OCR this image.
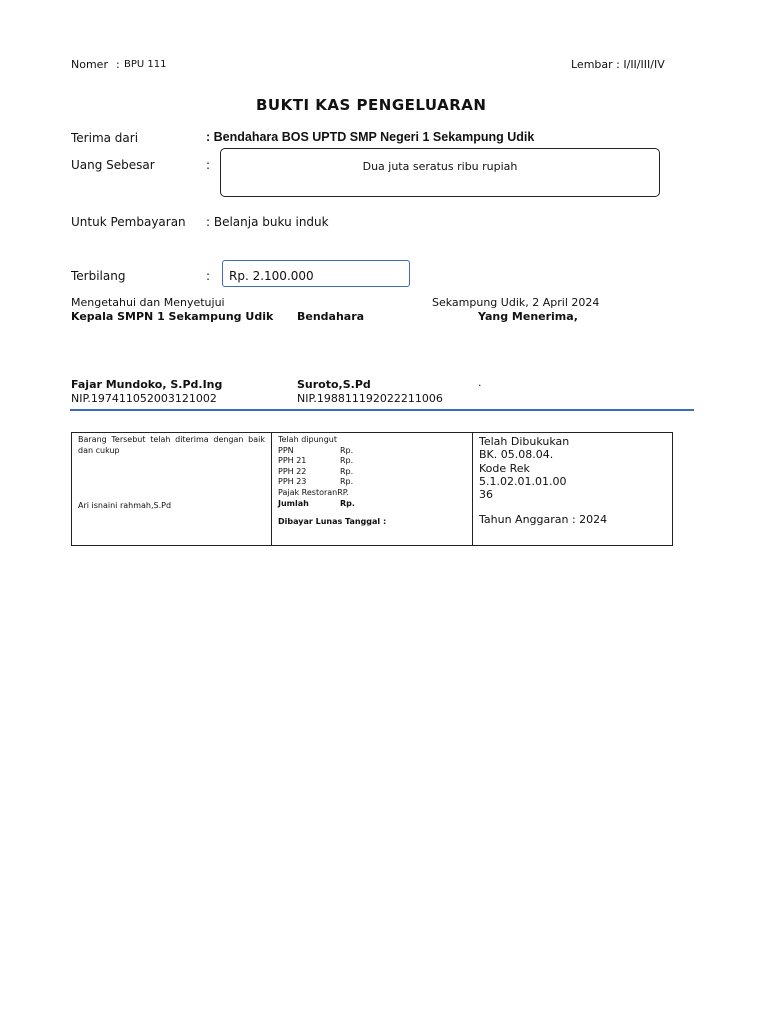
Nomer : BPU 111	Lembar : I/II/III/IV
BUKTI KAS PENGELUARAN
Terima dari	: Bendahara BOS UPTD SMP Negeri 1 Sekampung Udik
Uang Sebesar	:	Dua juta seratus ribu rupiah
Untuk Pembayaran : Belanja buku induk
Terbilang	: Rp. 2.100.000
Mengetahui dan Menyetujui	Sekampung Udik, 2 April 2024
Kepala SMPN 1 Sekampung Udik Bendahara	Yang Menerima,
Fajar Mundoko, S.Pd.Ing	Suroto,S.Pd	.
NIP.197411052003121002	NIP.198811192022211006
Barang Tersebut telah diterima dengan baik dan cukup
Ari isnaini rahmah,S.Pd

Telah dipungut
PPN	Rp.
PPH 21	Rp.
PPH 22	Rp.
PPH 23	Rp.
Pajak RestoranRP.
Jumlah	Rp.
Dibayar Lunas Tanggal :

Telah Dibukukan
BK. 05.08.04.
Kode Rek
5.1.02.01.01.00
36
Tahun Anggaran : 2024
